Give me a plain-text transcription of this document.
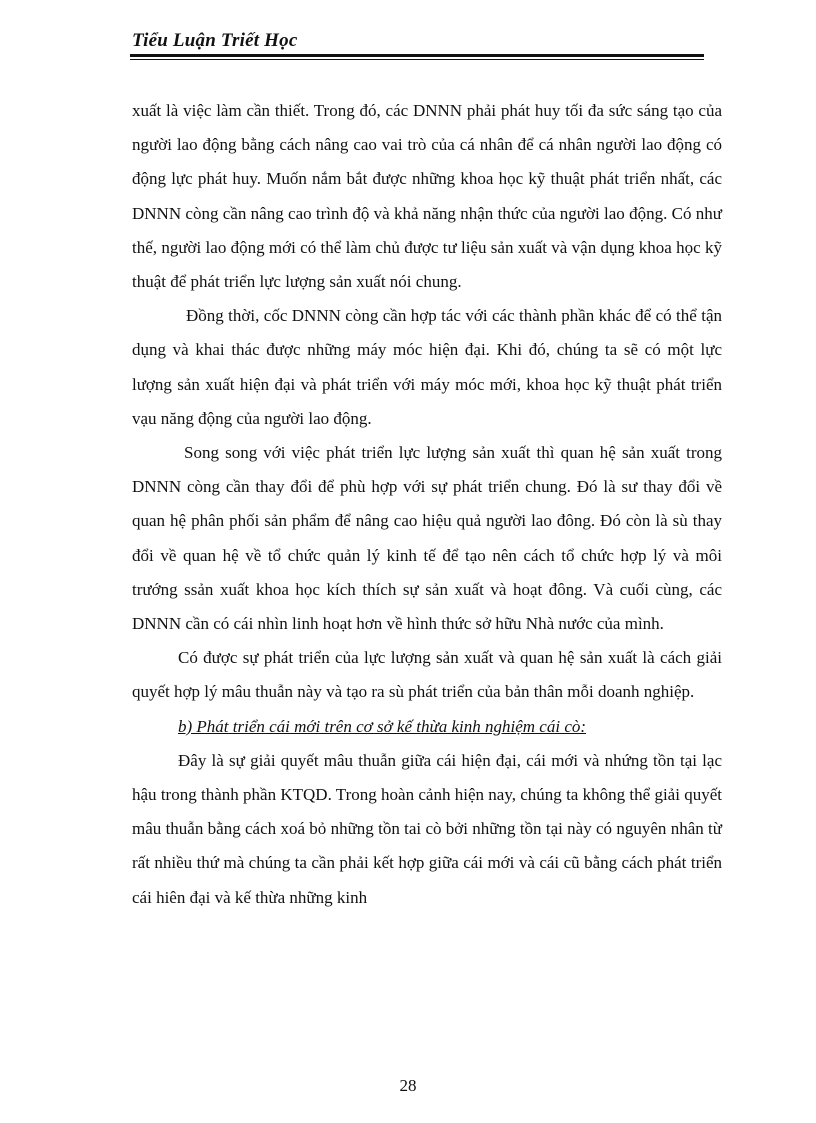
Tiểu Luận Triết Học

xuất là việc làm cần thiết. Trong đó, các DNNN phải phát huy tối đa sức sáng tạo của người lao động bằng cách nâng cao vai trò của cá nhân để cá nhân người lao động có động lực phát huy. Muốn nắm bắt được những khoa học kỹ thuật phát triển nhất, các DNNN còng cần nâng cao trình độ và khả năng nhận thức của người lao động. Có như thế, người lao động mới có thể làm chủ được tư liệu sản xuất và vận dụng khoa học kỹ thuật để phát triển lực lượng sản xuất nói chung.

Đồng thời, cốc DNNN còng cần hợp tác với các thành phần khác để có thể tận dụng và khai thác được những máy móc hiện đại. Khi đó, chúng ta sẽ có một lực lượng sản xuất hiện đại và phát triển với máy móc mới, khoa học kỹ thuật phát triển vạu năng động của người lao động.

Song song với việc phát triển lực lượng sản xuất thì quan hệ sản xuất trong DNNN còng cần thay đổi để phù hợp với sự phát triển chung. Đó là sư thay đổi về quan hệ phân phối sản phẩm để nâng cao hiệu quả người lao đông. Đó còn là sù thay đổi về quan hệ về tổ chức quản lý kinh tế để tạo nên cách tổ chức hợp lý và môi trướng ssản xuất khoa học kích thích sự sản xuất và hoạt đông. Và cuối cùng, các DNNN cần có cái nhìn linh hoạt hơn về hình thức sở hữu Nhà nước của mình.

Có được sự phát triển của lực lượng sản xuất và quan hệ sản xuất là cách giải quyết hợp lý mâu thuẫn này và tạo ra sù phát triển của bản thân mỗi doanh nghiệp.

b) Phát triển cái mới trên cơ sở kế thừa kinh nghiệm cái cò:

Đây là sự giải quyết mâu thuẫn giữa cái hiện đại, cái mới và nhứng tồn tại lạc hậu trong thành phần KTQD. Trong hoàn cảnh hiện nay, chúng ta không thể giải quyết mâu thuẫn bằng cách xoá bỏ những tồn tai cò bởi những tồn tại này có nguyên nhân từ rất nhiều thứ mà chúng ta cần phải kết hợp giữa cái mới và cái cũ bằng cách phát triển cái hiên đại và kế thừa những kinh

28
